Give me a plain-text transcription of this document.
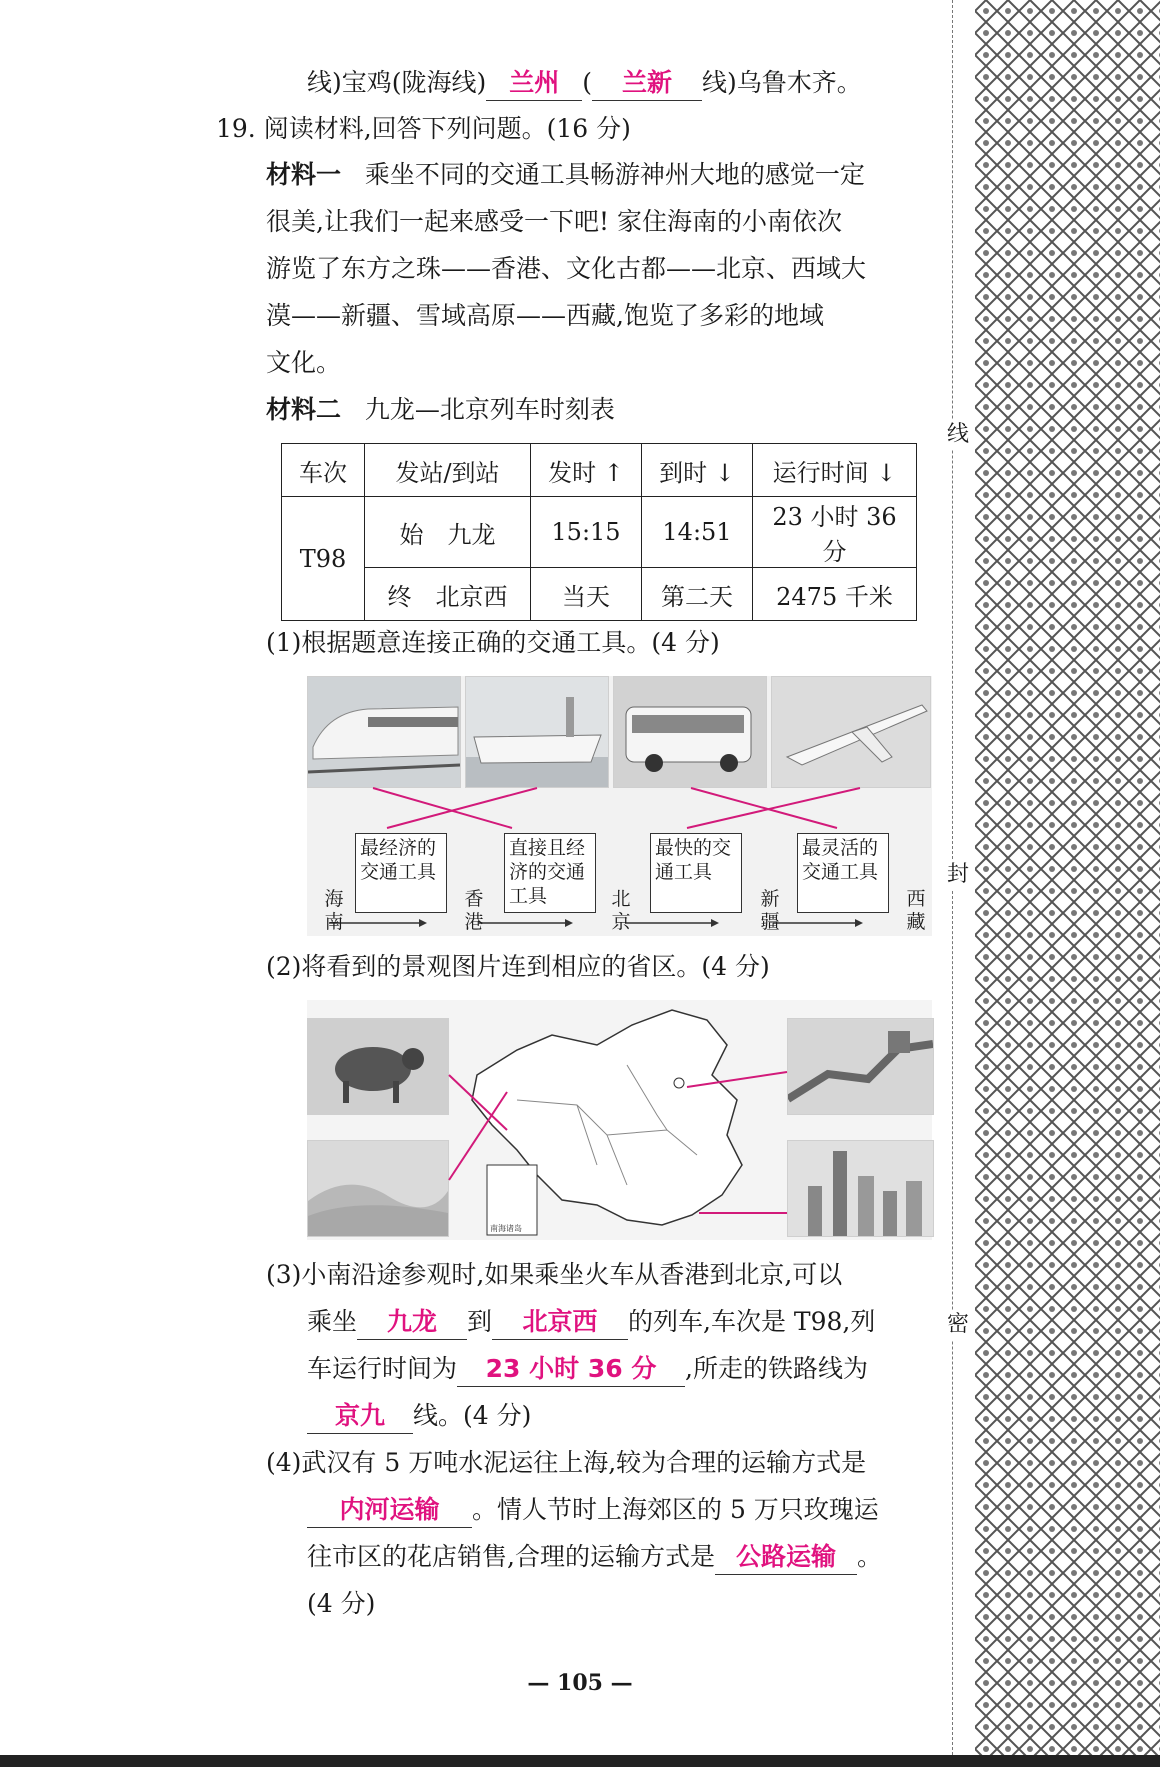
线
封
密
线)宝鸡(陇海线) 兰州 ( 兰新 线)乌鲁木齐。
19. 阅读材料,回答下列问题。(16 分)
材料一 乘坐不同的交通工具畅游神州大地的感觉一定
很美,让我们一起来感受一下吧! 家住海南的小南依次
游览了东方之珠——香港、文化古都——北京、西域大
漠——新疆、雪域高原——西藏,饱览了多彩的地域
文化。
材料二 九龙—北京列车时刻表
车次	发站/到站	发时 ↑	到时 ↓	运行时间 ↓
T98	始　九龙	15:15	14:51	23 小时 36 分
	终　北京西	当天	第二天	2475 千米
(1)根据题意连接正确的交通工具。(4 分)
最经济的交通工具
直接且经济的交通工具
最快的交通工具
最灵活的交通工具
海南
香港
北京
新疆
西藏
(2)将看到的景观图片连到相应的省区。(4 分)
南海诸岛
(3)小南沿途参观时,如果乘坐火车从香港到北京,可以
乘坐 九龙 到 北京西 的列车,车次是 T98,列
车运行时间为 23 小时 36 分 ,所走的铁路线为
京九 线。(4 分)
(4)武汉有 5 万吨水泥运往上海,较为合理的运输方式是
内河运输 。情人节时上海郊区的 5 万只玫瑰运
往市区的花店销售,合理的运输方式是 公路运输 。
(4 分)
— 105 —
